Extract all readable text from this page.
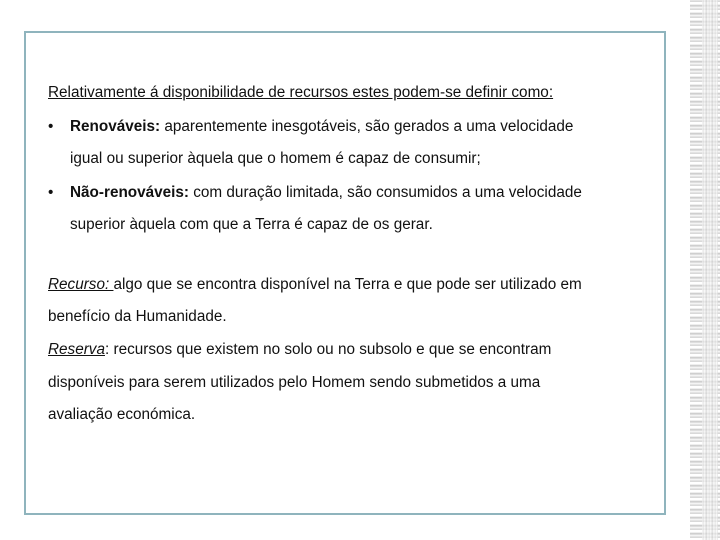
Relativamente á disponibilidade de recursos estes podem-se definir como:

• Renováveis: aparentemente inesgotáveis, são gerados a uma velocidade
igual ou superior àquela que o homem é capaz de consumir;
• Não-renováveis: com duração limitada, são consumidos a uma velocidade
superior àquela com que a Terra é capaz de os gerar.
Recurso: algo que se encontra disponível na Terra e que pode ser utilizado em
benefício da Humanidade.
Reserva: recursos que existem no solo ou no subsolo e que se encontram
disponíveis para serem utilizados pelo Homem sendo submetidos a uma
avaliação económica.
